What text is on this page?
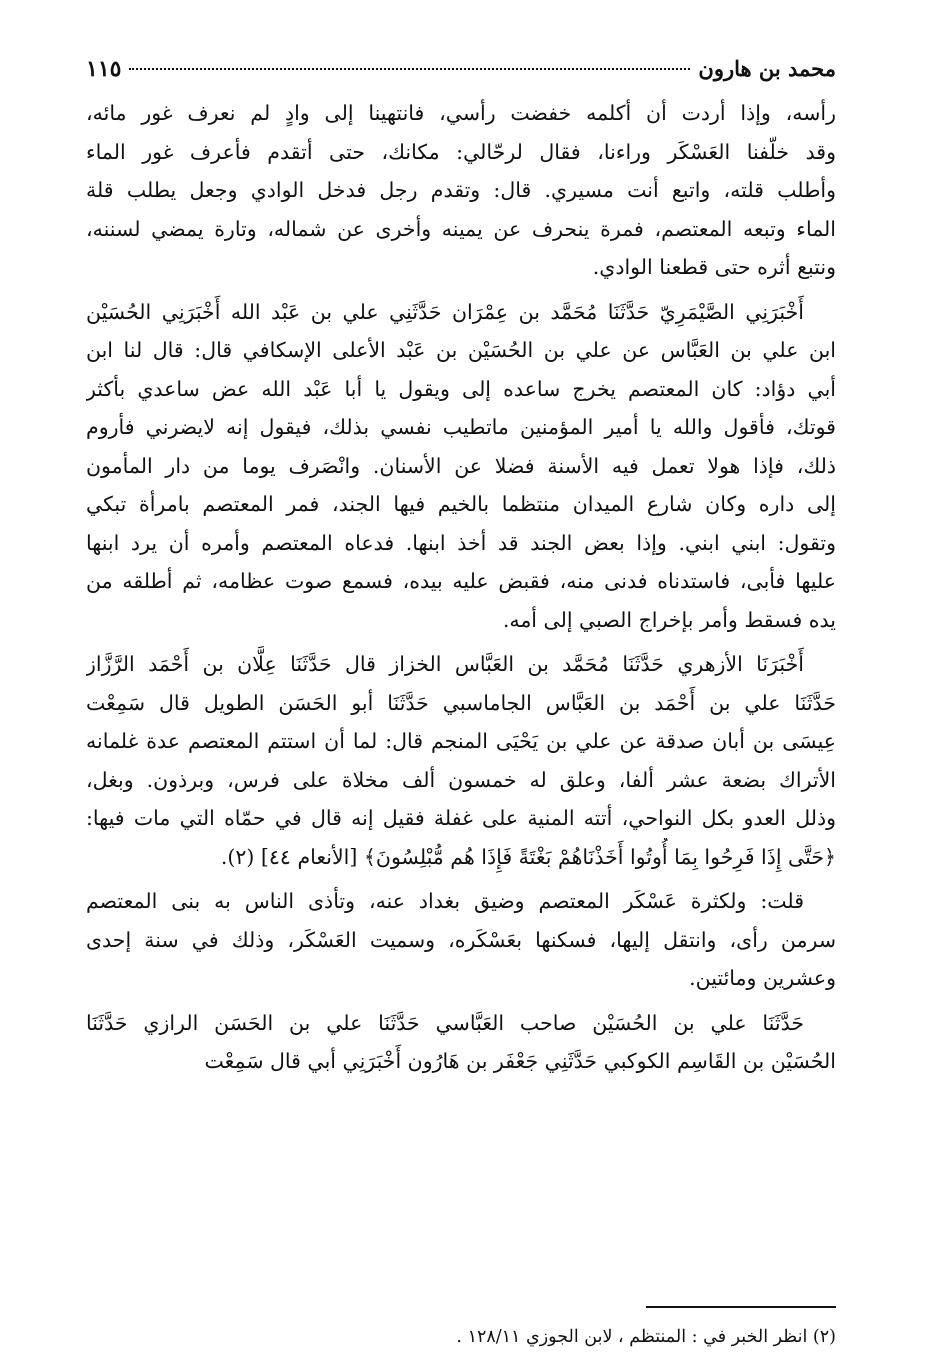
محمد بن هارون
١١٥
رأسه، وإذا أردت أن أكلمه خفضت رأسي، فانتهينا إلى وادٍ لم نعرف غور مائه،
وقد خلّفنا العَسْكَر وراءنا، فقال لرحّالي: مكانك، حتى أتقدم فأعرف غور الماء
وأطلب قلته، واتبع أنت مسيري. قال: وتقدم رجل فدخل الوادي وجعل يطلب قلة
الماء وتبعه المعتصم، فمرة ينحرف عن يمينه وأخرى عن شماله، وتارة يمضي لسننه،
ونتبع أثره حتى قطعنا الوادي.
أَخْبَرَنِي الصَّيْمَرِيّ حَدَّثَنَا مُحَمَّد بن عِمْرَان حَدَّثَنِي علي بن عَبْد الله أَخْبَرَنِي الحُسَيْن
ابن علي بن العَبَّاس عن علي بن الحُسَيْن بن عَبْد الأعلى الإسكافي قال: قال لنا ابن
أبي دؤاد: كان المعتصم يخرج ساعده إلى ويقول يا أبا عَبْد الله عض ساعدي بأكثر
قوتك، فأقول والله يا أمير المؤمنين ماتطيب نفسي بذلك، فيقول إنه لايضرني فأروم
ذلك، فإذا هولا تعمل فيه الأسنة فضلا عن الأسنان. وانْصَرف يوما من دار المأمون
إلى داره وكان شارع الميدان منتظما بالخيم فيها الجند، فمر المعتصم بامرأة تبكي
وتقول: ابني ابني. وإذا بعض الجند قد أخذ ابنها. فدعاه المعتصم وأمره أن يرد ابنها
عليها فأبى، فاستدناه فدنى منه، فقبض عليه بيده، فسمع صوت عظامه، ثم أطلقه من
يده فسقط وأمر بإخراج الصبي إلى أمه.
أَخْبَرَنَا الأزهري حَدَّثَنَا مُحَمَّد بن العَبَّاس الخزاز قال حَدَّثَنَا عِلَّان بن أَحْمَد الرَّزَّاز
حَدَّثَنَا علي بن أَحْمَد بن العَبَّاس الجاماسبي حَدَّثَنَا أبو الحَسَن الطويل قال سَمِعْت
عِيسَى بن أبان صدقة عن علي بن يَحْيَى المنجم قال: لما أن استتم المعتصم عدة غلمانه
الأتراك بضعة عشر ألفا، وعلق له خمسون ألف مخلاة على فرس، وبرذون. وبغل،
وذلل العدو بكل النواحي، أتته المنية على غفلة فقيل إنه قال في حمّاه التي مات فيها:
﴿حَتَّى إِذَا فَرِحُوا بِمَا أُوتُوا أَخَذْنَاهُمْ بَغْتَةً فَإِذَا هُم مُّبْلِسُونَ﴾ [الأنعام ٤٤] (٢).
قلت: ولكثرة عَسْكَر المعتصم وضيق بغداد عنه، وتأذى الناس به بنى المعتصم
سرمن رأى، وانتقل إليها، فسكنها بعَسْكَره، وسميت العَسْكَر، وذلك في سنة إحدى
وعشرين ومائتين.
حَدَّثَنَا علي بن الحُسَيْن صاحب العَبَّاسي حَدَّثَنَا علي بن الحَسَن الرازي حَدَّثَنَا
الحُسَيْن بن القَاسِم الكوكبي حَدَّثَنِي جَعْفَر بن هَارُون أَخْبَرَنِي أبي قال سَمِعْت
(٢) انظر الخبر في : المنتظم ، لابن الجوزي ١٢٨/١١ .
